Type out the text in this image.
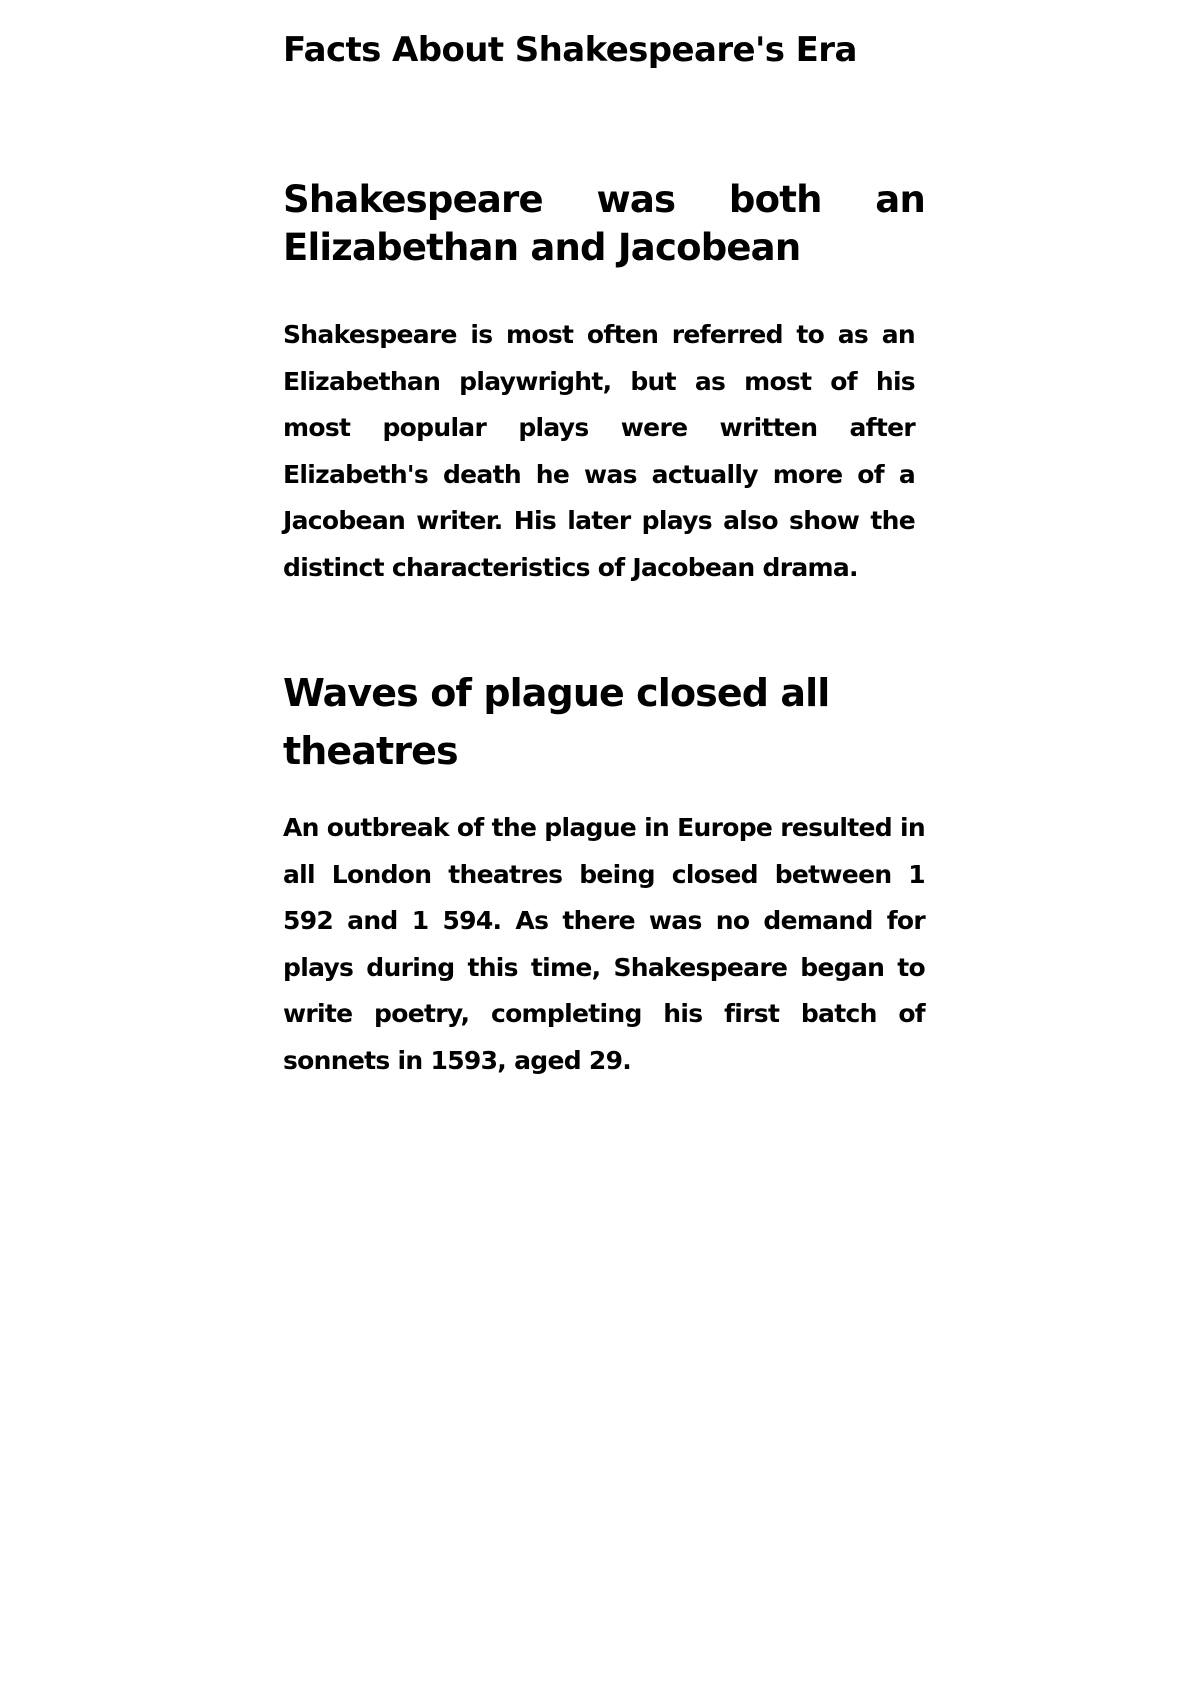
Facts About Shakespeare's Era
Shakespeare was both an Elizabethan and Jacobean

Shakespeare is most often referred to as an Elizabethan playwright, but as most of his most popular plays were written after Elizabeth's death he was actually more of a Jacobean writer. His later plays also show the distinct characteristics of Jacobean drama.

Waves of plague closed all theatres

An outbreak of the plague in Europe resulted in all London theatres being closed between 1 592 and 1 594. As there was no demand for plays during this time, Shakespeare began to write poetry, completing his first batch of sonnets in 1593, aged 29.
